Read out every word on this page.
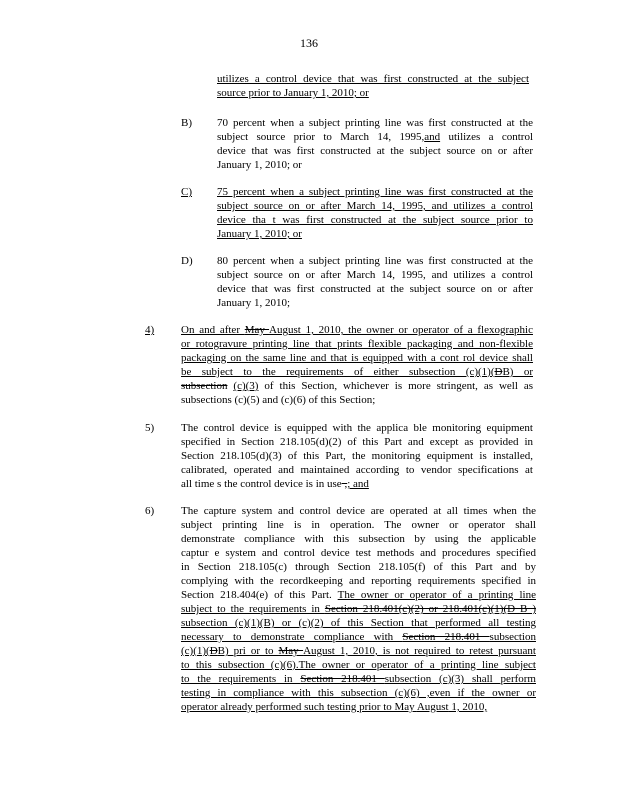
136
utilizes a control device that was first constructed at the subject
source prior to January 1, 2010; or
B) 70 percent when a subject printing line was first constructed at the
subject source prior to March 14, 1995,and utilizes a control
device that was first constructed at the subject source on or after
January 1, 2010; or
C) 75 percent when a subject printing line was first constructed at the
subject source on or after March 14, 1995, and utilizes a control
device tha t was first constructed at the subject source prior to
January 1, 2010; or
D) 80 percent when a subject printing line was first constructed at the
subject source on or after March 14, 1995, and utilizes a control
device that was first constructed at the subject source on or after
January 1, 2010;
4) On and after May August 1, 2010, the owner or operator of a flexographic
or rotogravure printing line that prints flexible packaging and non-flexible
packaging on the same line and that is equipped with a cont rol device shall
be subject to the requirements of either subsection (c)(1)(DB) or
subsection (c)(3) of this Section, whichever is more stringent, as well as
subsections (c)(5) and (c)(6) of this Section;
5) The control device is equipped with the applica ble monitoring equipment
specified in Section 218.105(d)(2) of this Part and except as provided in
Section 218.105(d)(3) of this Part, the monitoring equipment is installed,
calibrated, operated and maintained according to vendor specifications at
all time s the control device is in use ,; and
6) The capture system and control device are operated at all times when the
subject printing line is in operation. The owner or operator shall
demonstrate compliance with this subsection by using the applicable
captur e system and control device test methods and procedures specified
in Section 218.105(c) through Section 218.105(f) of this Part and by
complying with the recordkeeping and reporting requirements specified in
Section 218.404(e) of this Part. The owner or operator of a printing line
subject to the requirements in Section 218.401(c)(2) or 218.401(c)(1)(D B )
subsection (c)(1)(B) or (c)(2) of this Section that performed all testing
necessary to demonstrate compliance with Section 218.401 subsection
(c)(1)(DB) pri or to May August 1, 2010, is not required to retest pursuant
to this subsection (c)(6).The owner or operator of a printing line subject
to the requirements in Section 218.401 subsection (c)(3) shall perform
testing in compliance with this subsection (c)(6) ,even if the owner or
operator already performed such testing prior to May August 1, 2010,
